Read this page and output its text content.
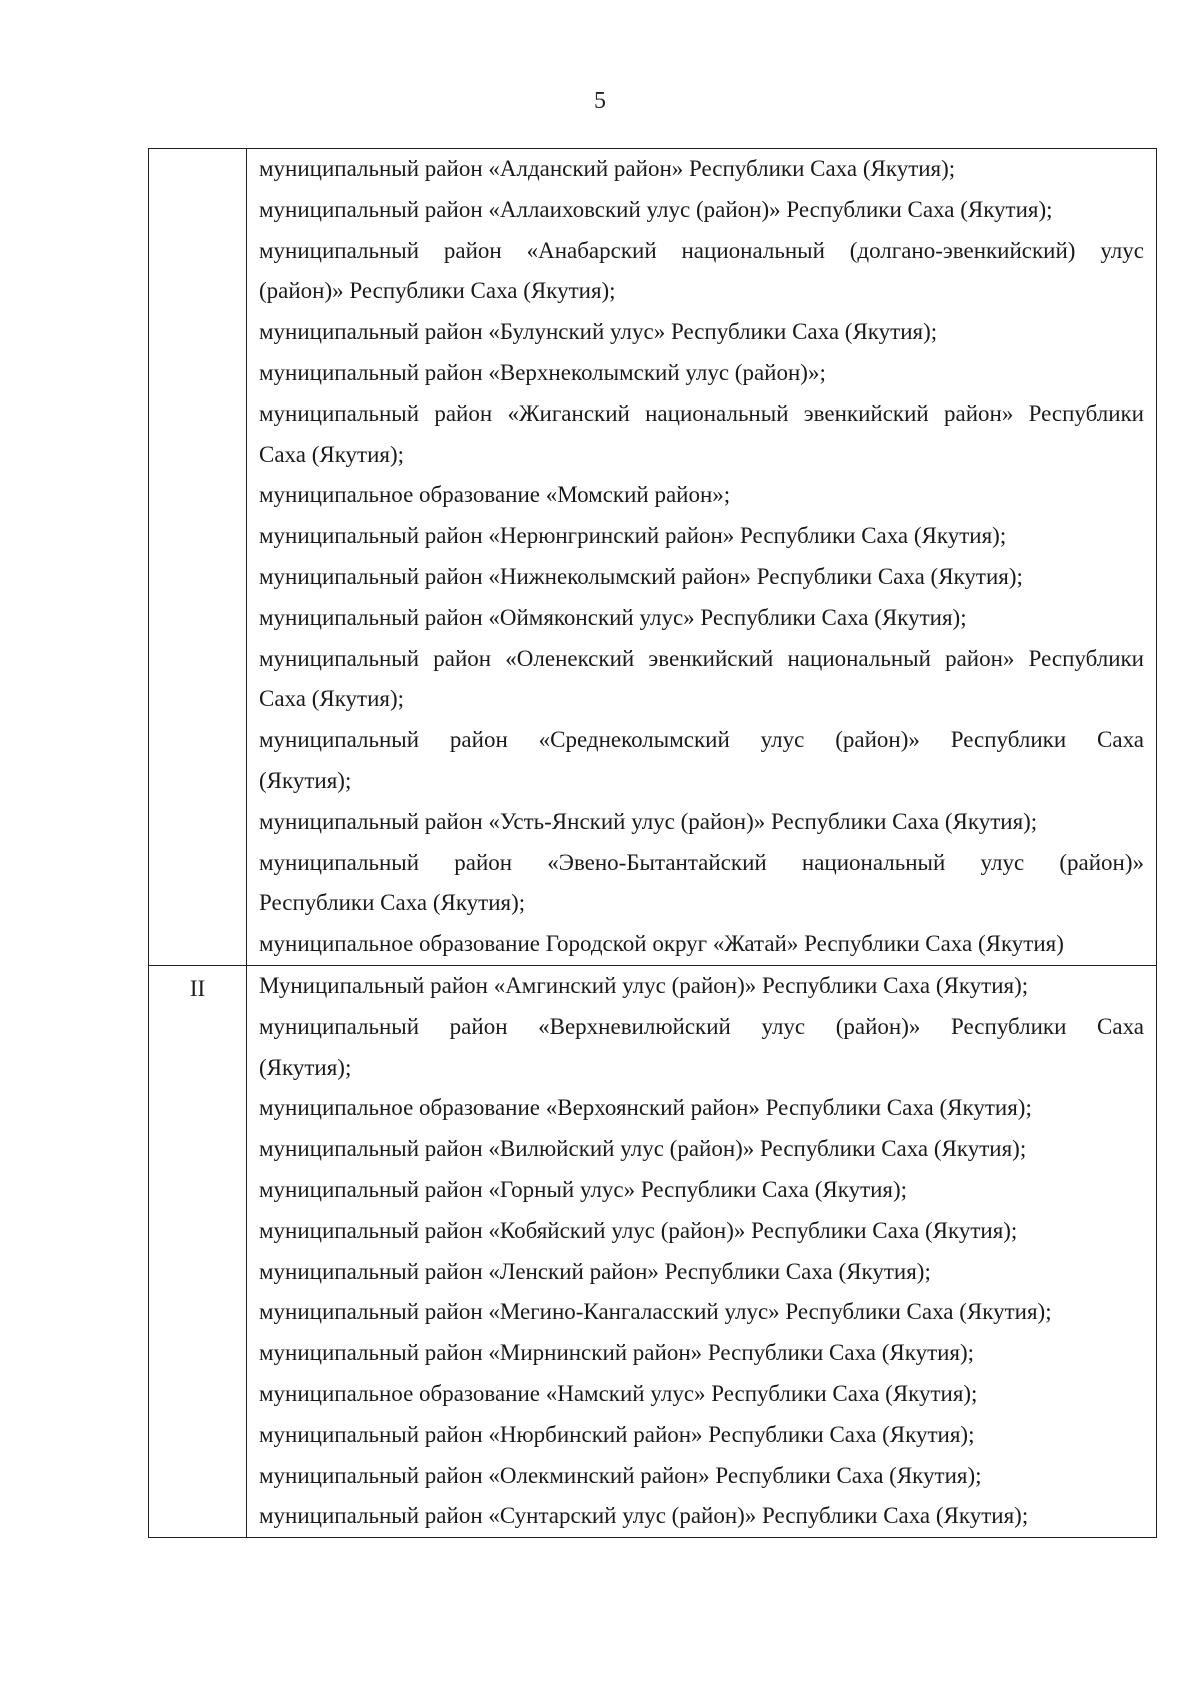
5
муниципальный район «Алданский район» Республики Саха (Якутия);
муниципальный район «Аллаиховский улус (район)» Республики Саха (Якутия);
муниципальный район «Анабарский национальный (долгано-эвенкийский) улус
(район)» Республики Саха (Якутия);
муниципальный район «Булунский улус» Республики Саха (Якутия);
муниципальный район «Верхнеколымский улус (район)»;
муниципальный район «Жиганский национальный эвенкийский район» Республики
Саха (Якутия);
муниципальное образование «Момский район»;
муниципальный район «Нерюнгринский район» Республики Саха (Якутия);
муниципальный район «Нижнеколымский район» Республики Саха (Якутия);
муниципальный район «Оймяконский улус» Республики Саха (Якутия);
муниципальный район «Оленекский эвенкийский национальный район» Республики
Саха (Якутия);
муниципальный район «Среднеколымский улус (район)» Республики Саха
(Якутия);
муниципальный район «Усть-Янский улус (район)» Республики Саха (Якутия);
муниципальный район «Эвено-Бытантайский национальный улус (район)»
Республики Саха (Якутия);
муниципальное образование Городской округ «Жатай» Республики Саха (Якутия)
II	Муниципальный район «Амгинский улус (район)» Республики Саха (Якутия);
муниципальный район «Верхневилюйский улус (район)» Республики Саха
(Якутия);
муниципальное образование «Верхоянский район» Республики Саха (Якутия);
муниципальный район «Вилюйский улус (район)» Республики Саха (Якутия);
муниципальный район «Горный улус» Республики Саха (Якутия);
муниципальный район «Кобяйский улус (район)» Республики Саха (Якутия);
муниципальный район «Ленский район» Республики Саха (Якутия);
муниципальный район «Мегино-Кангаласский улус» Республики Саха (Якутия);
муниципальный район «Мирнинский район» Республики Саха (Якутия);
муниципальное образование «Намский улус» Республики Саха (Якутия);
муниципальный район «Нюрбинский район» Республики Саха (Якутия);
муниципальный район «Олекминский район» Республики Саха (Якутия);
муниципальный район «Сунтарский улус (район)» Республики Саха (Якутия);
